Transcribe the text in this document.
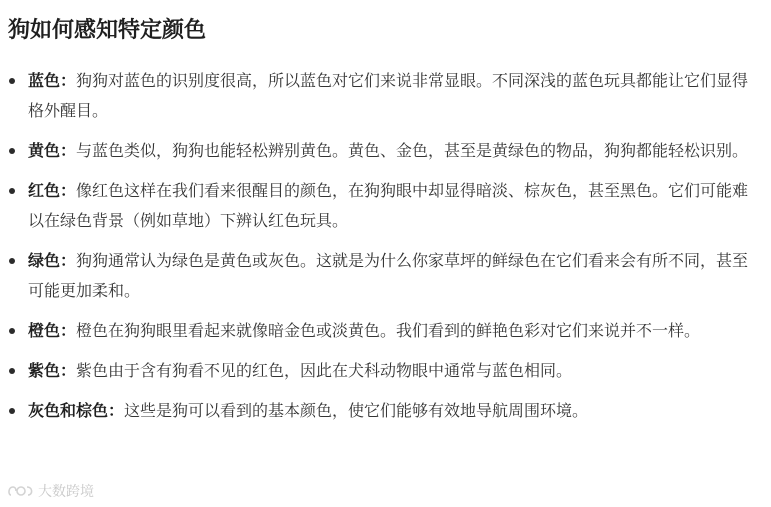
狗如何感知特定颜色
蓝色：狗狗对蓝色的识别度很高，所以蓝色对它们来说非常显眼。不同深浅的蓝色玩具都能让它们显得格外醒目。
黄色：与蓝色类似，狗狗也能轻松辨别黄色。黄色、金色，甚至是黄绿色的物品，狗狗都能轻松识别。
红色：像红色这样在我们看来很醒目的颜色，在狗狗眼中却显得暗淡、棕灰色，甚至黑色。它们可能难以在绿色背景（例如草地）下辨认红色玩具。
绿色：狗狗通常认为绿色是黄色或灰色。这就是为什么你家草坪的鲜绿色在它们看来会有所不同，甚至可能更加柔和。
橙色：橙色在狗狗眼里看起来就像暗金色或淡黄色。我们看到的鲜艳色彩对它们来说并不一样。
紫色：紫色由于含有狗看不见的红色，因此在犬科动物眼中通常与蓝色相同。
灰色和棕色：这些是狗可以看到的基本颜色，使它们能够有效地导航周围环境。
大数跨境
